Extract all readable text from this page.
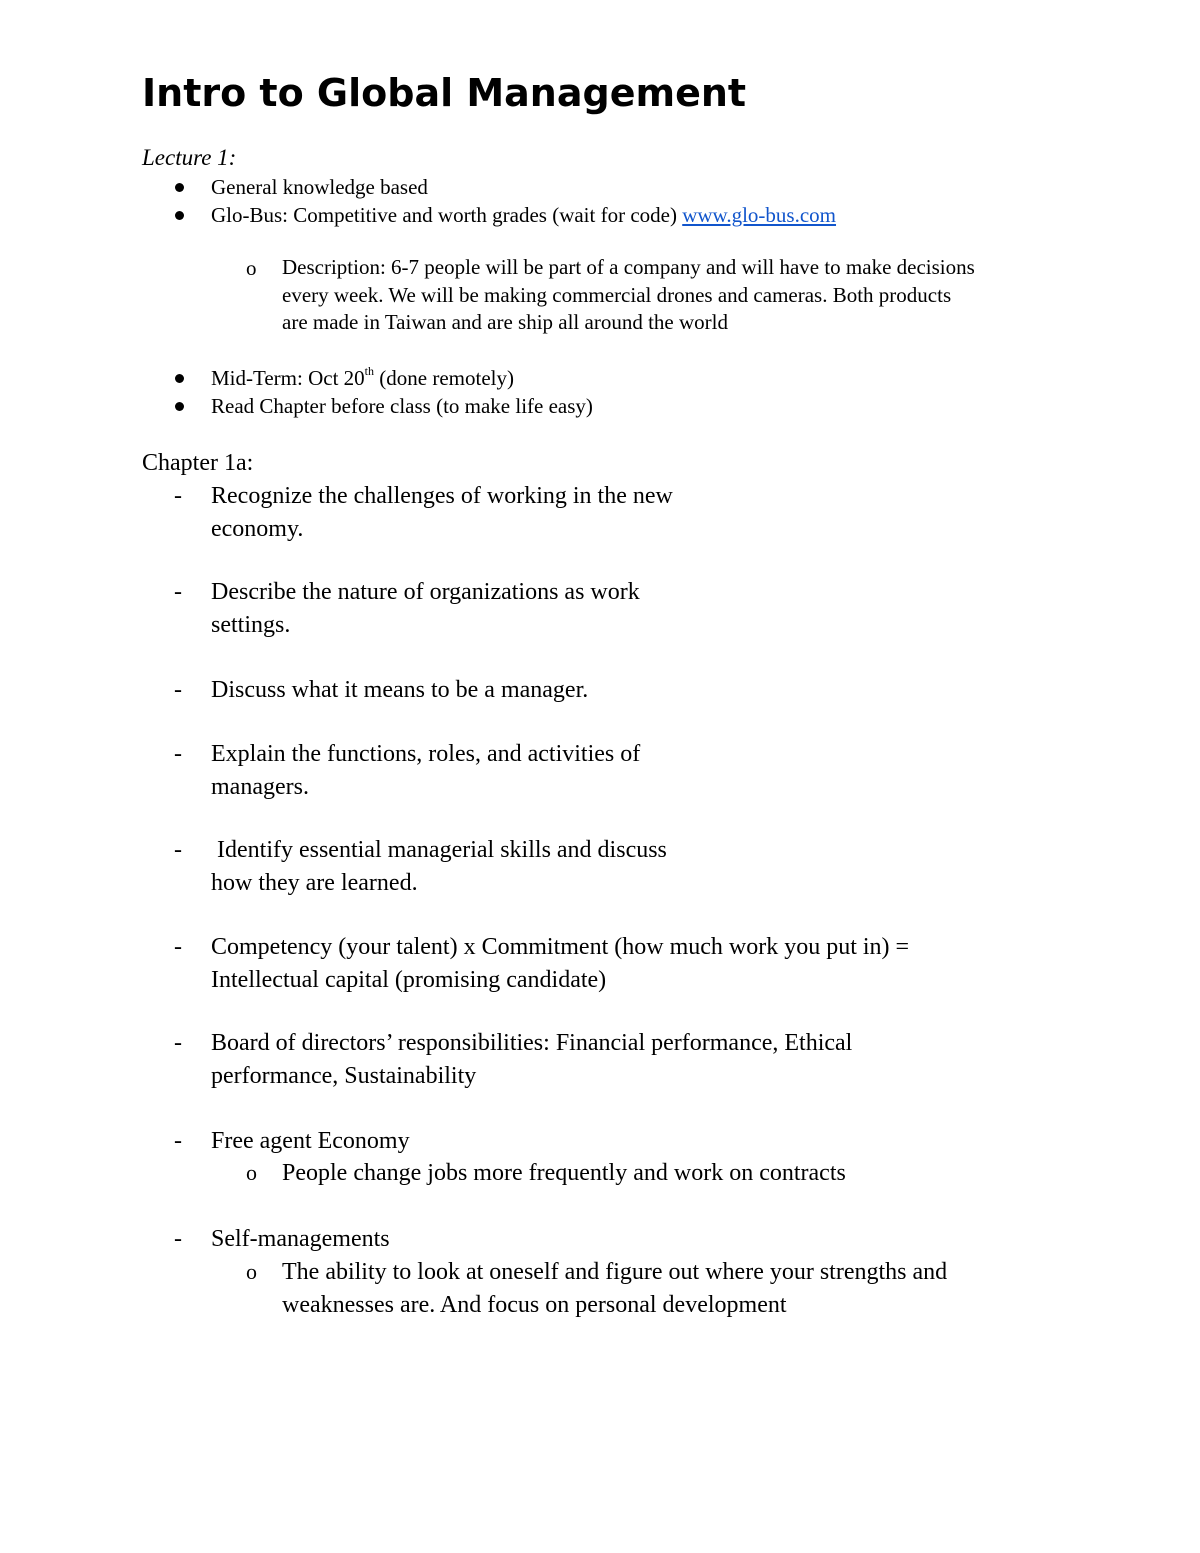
Intro to Global Management
Lecture 1:
General knowledge based
Glo-Bus: Competitive and worth grades (wait for code) www.glo-bus.com
o Description: 6-7 people will be part of a company and will have to make decisions
every week. We will be making commercial drones and cameras. Both products
are made in Taiwan and are ship all around the world
Mid-Term: Oct 20th (done remotely)
Read Chapter before class (to make life easy)
Chapter 1a:
- Recognize the challenges of working in the new
economy.
- Describe the nature of organizations as work
settings.
- Discuss what it means to be a manager.
- Explain the functions, roles, and activities of
managers.
- Identify essential managerial skills and discuss
how they are learned.
- Competency (your talent) x Commitment (how much work you put in) =
Intellectual capital (promising candidate)
- Board of directors’ responsibilities: Financial performance, Ethical
performance, Sustainability
- Free agent Economy
o People change jobs more frequently and work on contracts
- Self-managements
o The ability to look at oneself and figure out where your strengths and
weaknesses are. And focus on personal development
